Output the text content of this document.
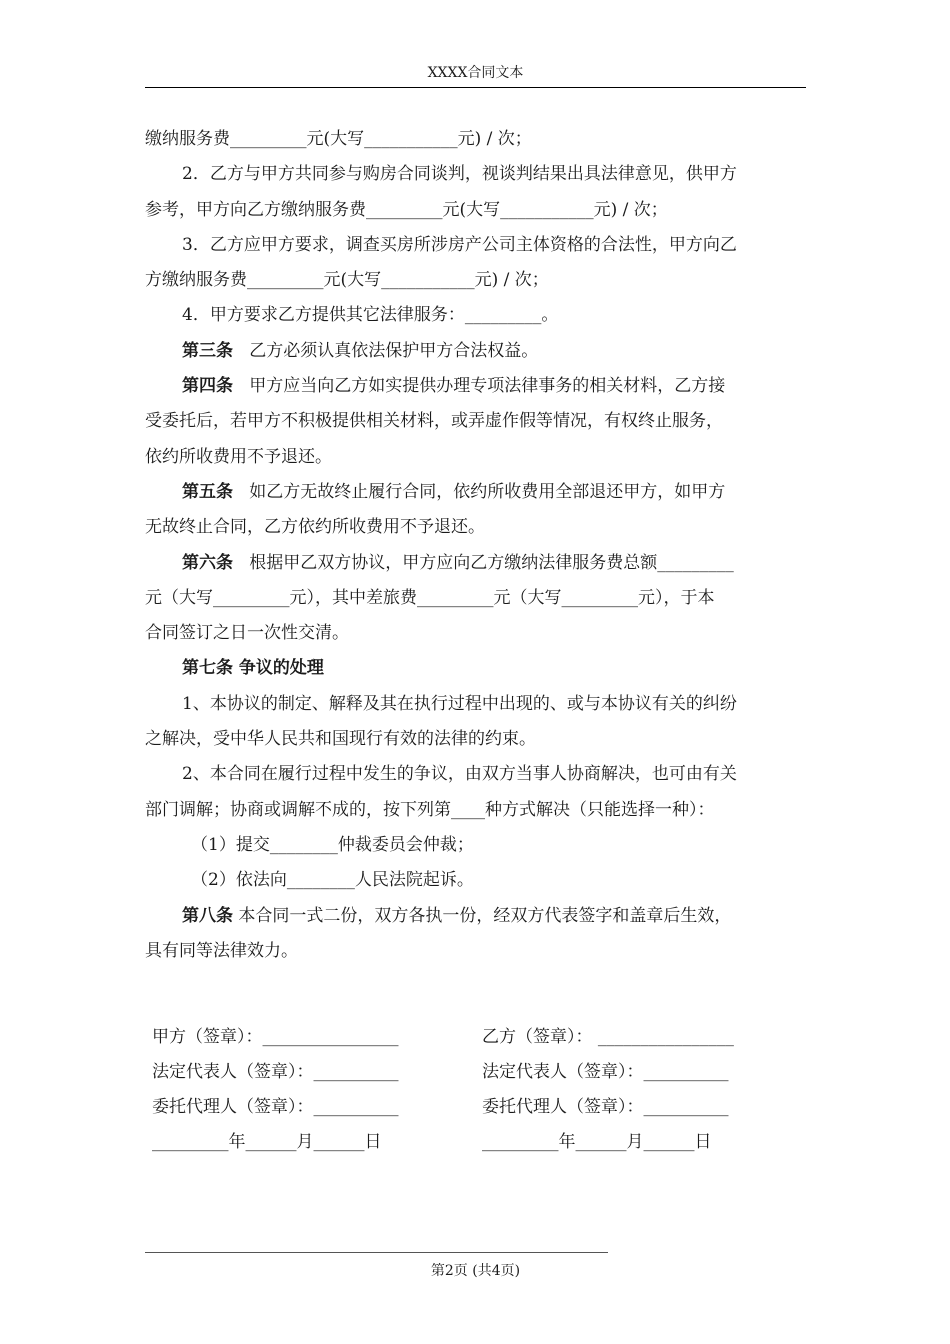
XXXX合同文本

缴纳服务费_________元(大写___________元) / 次；

2．乙方与甲方共同参与购房合同谈判，视谈判结果出具法律意见，供甲方

参考，甲方向乙方缴纳服务费_________元(大写___________元) / 次；

3．乙方应甲方要求，调查买房所涉房产公司主体资格的合法性，甲方向乙

方缴纳服务费_________元(大写___________元) / 次；

4．甲方要求乙方提供其它法律服务：_________。

第三条 乙方必须认真依法保护甲方合法权益。

第四条 甲方应当向乙方如实提供办理专项法律事务的相关材料，乙方接

受委托后，若甲方不积极提供相关材料，或弄虚作假等情况，有权终止服务，

依约所收费用不予退还。

第五条 如乙方无故终止履行合同，依约所收费用全部退还甲方，如甲方

无故终止合同，乙方依约所收费用不予退还。

第六条 根据甲乙双方协议，甲方应向乙方缴纳法律服务费总额_________

元（大写_________元），其中差旅费_________元（大写_________元），于本

合同签订之日一次性交清。

第七条 争议的处理

1、本协议的制定、解释及其在执行过程中出现的、或与本协议有关的纠纷

之解决，受中华人民共和国现行有效的法律的约束。

2、本合同在履行过程中发生的争议，由双方当事人协商解决，也可由有关

部门调解；协商或调解不成的，按下列第____种方式解决（只能选择一种）：

（1）提交________仲裁委员会仲裁；

（2）依法向________人民法院起诉。

第八条 本合同一式二份，双方各执一份，经双方代表签字和盖章后生效，

具有同等法律效力。

甲方（签章）：________________	乙方（签章）： ________________
法定代表人（签章）：__________	法定代表人（签章）：__________
委托代理人（签章）：__________	委托代理人（签章）：__________
_________年______月______日	_________年______月______日
第2页 (共4页)
